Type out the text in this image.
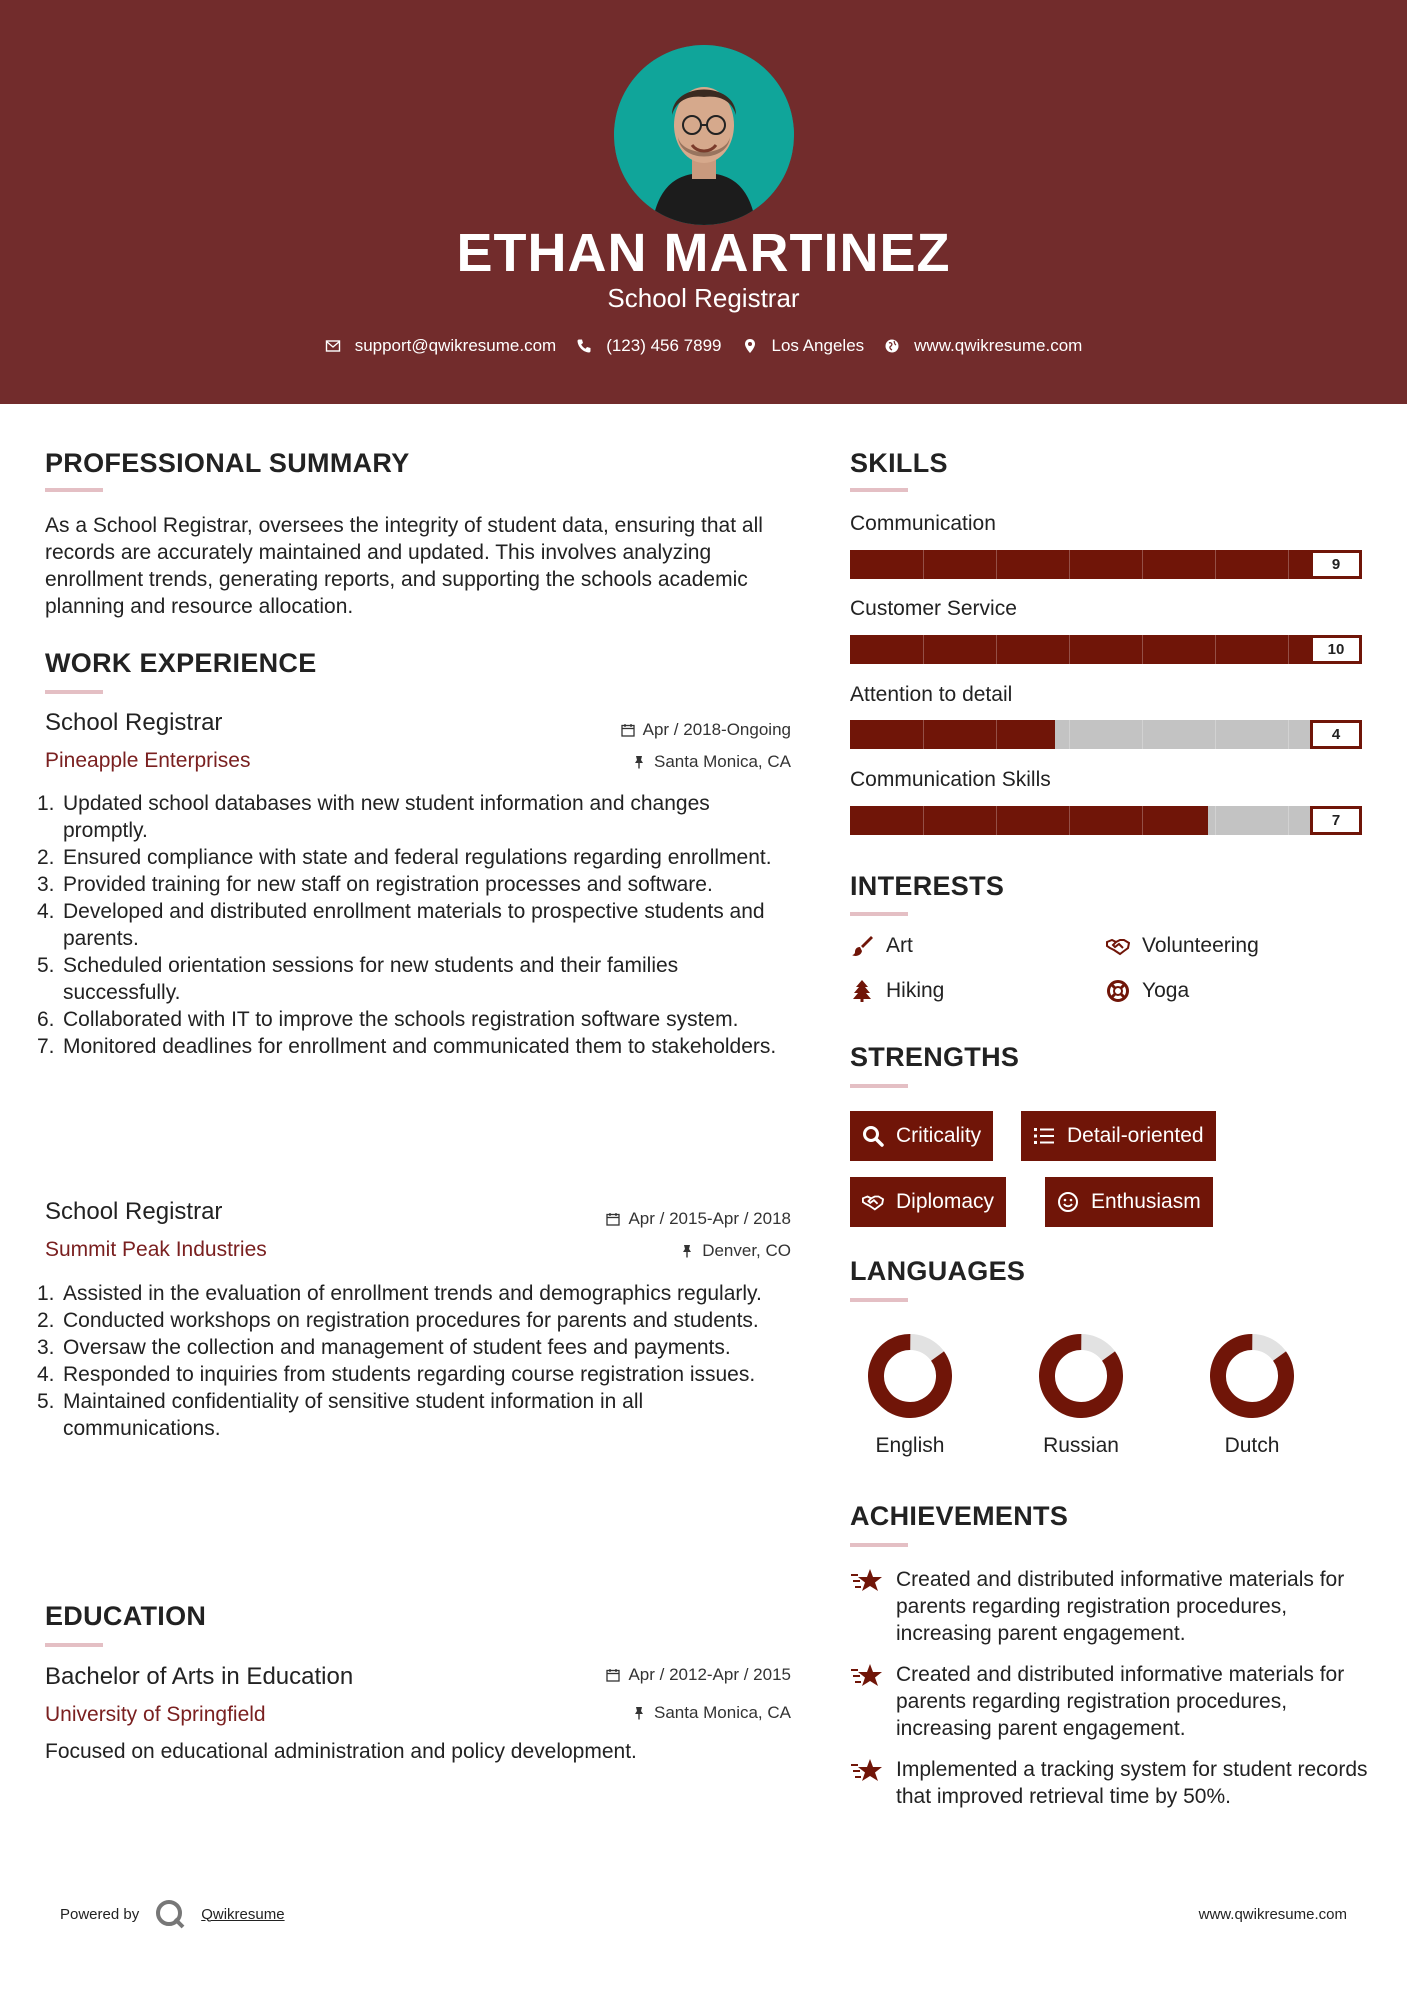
ETHAN MARTINEZ
School Registrar
support@qwikresume.com	(123) 456 7899	Los Angeles	www.qwikresume.com
PROFESSIONAL SUMMARY
As a School Registrar, oversees the integrity of student data, ensuring that all records are accurately maintained and updated. This involves analyzing enrollment trends, generating reports, and supporting the schools academic planning and resource allocation.
WORK EXPERIENCE
School Registrar	Apr / 2018-Ongoing
Pineapple Enterprises	Santa Monica, CA
1. Updated school databases with new student information and changes promptly.
2. Ensured compliance with state and federal regulations regarding enrollment.
3. Provided training for new staff on registration processes and software.
4. Developed and distributed enrollment materials to prospective students and parents.
5. Scheduled orientation sessions for new students and their families successfully.
6. Collaborated with IT to improve the schools registration software system.
7. Monitored deadlines for enrollment and communicated them to stakeholders.
School Registrar	Apr / 2015-Apr / 2018
Summit Peak Industries	Denver, CO
1. Assisted in the evaluation of enrollment trends and demographics regularly.
2. Conducted workshops on registration procedures for parents and students.
3. Oversaw the collection and management of student fees and payments.
4. Responded to inquiries from students regarding course registration issues.
5. Maintained confidentiality of sensitive student information in all communications.
EDUCATION
Bachelor of Arts in Education	Apr / 2012-Apr / 2015
University of Springfield	Santa Monica, CA
Focused on educational administration and policy development.
SKILLS
Communication
9
Customer Service
10
Attention to detail
4
Communication Skills
7
INTERESTS
Art	Volunteering
Hiking	Yoga
STRENGTHS
Criticality	Detail-oriented
Diplomacy	Enthusiasm
LANGUAGES
English	Russian	Dutch
ACHIEVEMENTS
Created and distributed informative materials for parents regarding registration procedures, increasing parent engagement.
Created and distributed informative materials for parents regarding registration procedures, increasing parent engagement.
Implemented a tracking system for student records that improved retrieval time by 50%.
Powered by	Qwikresume	www.qwikresume.com
